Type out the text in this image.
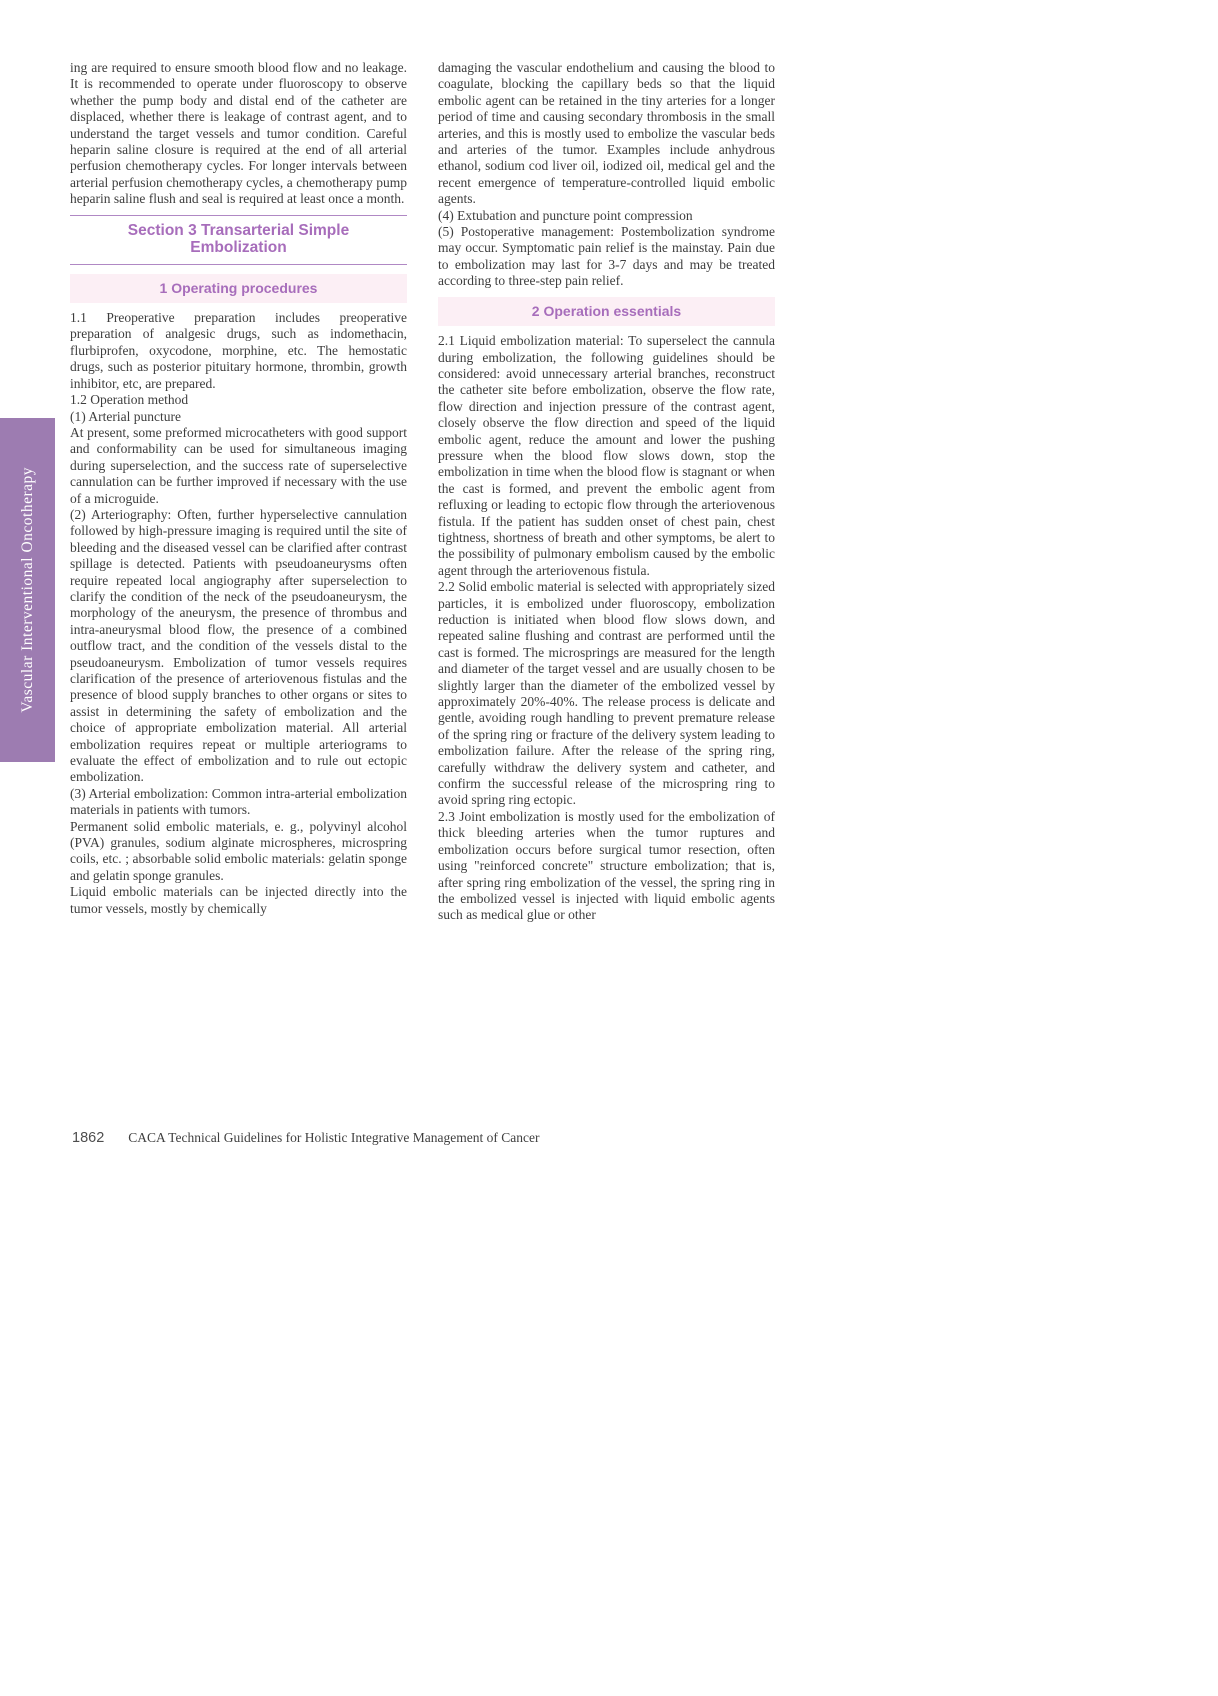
Vascular Interventional Oncotherapy

ing are required to ensure smooth blood flow and no leakage. It is recommended to operate under fluoroscopy to observe whether the pump body and distal end of the catheter are displaced, whether there is leakage of contrast agent, and to understand the target vessels and tumor condition. Careful heparin saline closure is required at the end of all arterial perfusion chemotherapy cycles. For longer intervals between arterial perfusion chemotherapy cycles, a chemotherapy pump heparin saline flush and seal is required at least once a month.

Section 3 Transarterial Simple Embolization
1 Operating procedures

1.1 Preoperative preparation includes preoperative preparation of analgesic drugs, such as indomethacin, flurbiprofen, oxycodone, morphine, etc. The hemostatic drugs, such as posterior pituitary hormone, thrombin, growth inhibitor, etc, are prepared.

1.2 Operation method

(1) Arterial puncture

At present, some preformed microcatheters with good support and conformability can be used for simultaneous imaging during superselection, and the success rate of superselective cannulation can be further improved if necessary with the use of a microguide.

(2) Arteriography: Often, further hyperselective cannulation followed by high-pressure imaging is required until the site of bleeding and the diseased vessel can be clarified after contrast spillage is detected. Patients with pseudoaneurysms often require repeated local angiography after superselection to clarify the condition of the neck of the pseudoaneurysm, the morphology of the aneurysm, the presence of thrombus and intra-aneurysmal blood flow, the presence of a combined outflow tract, and the condition of the vessels distal to the pseudoaneurysm. Embolization of tumor vessels requires clarification of the presence of arteriovenous fistulas and the presence of blood supply branches to other organs or sites to assist in determining the safety of embolization and the choice of appropriate embolization material. All arterial embolization requires repeat or multiple arteriograms to evaluate the effect of embolization and to rule out ectopic embolization.

(3) Arterial embolization: Common intra-arterial embolization materials in patients with tumors.

Permanent solid embolic materials, e. g., polyvinyl alcohol (PVA) granules, sodium alginate microspheres, microspring coils, etc. ; absorbable solid embolic materials: gelatin sponge and gelatin sponge granules.

Liquid embolic materials can be injected directly into the tumor vessels, mostly by chemically

damaging the vascular endothelium and causing the blood to coagulate, blocking the capillary beds so that the liquid embolic agent can be retained in the tiny arteries for a longer period of time and causing secondary thrombosis in the small arteries, and this is mostly used to embolize the vascular beds and arteries of the tumor. Examples include anhydrous ethanol, sodium cod liver oil, iodized oil, medical gel and the recent emergence of temperature-controlled liquid embolic agents.

(4) Extubation and puncture point compression

(5) Postoperative management: Postembolization syndrome may occur. Symptomatic pain relief is the mainstay. Pain due to embolization may last for 3-7 days and may be treated according to three-step pain relief.

2 Operation essentials

2.1 Liquid embolization material: To superselect the cannula during embolization, the following guidelines should be considered: avoid unnecessary arterial branches, reconstruct the catheter site before embolization, observe the flow rate, flow direction and injection pressure of the contrast agent, closely observe the flow direction and speed of the liquid embolic agent, reduce the amount and lower the pushing pressure when the blood flow slows down, stop the embolization in time when the blood flow is stagnant or when the cast is formed, and prevent the embolic agent from refluxing or leading to ectopic flow through the arteriovenous fistula. If the patient has sudden onset of chest pain, chest tightness, shortness of breath and other symptoms, be alert to the possibility of pulmonary embolism caused by the embolic agent through the arteriovenous fistula.

2.2 Solid embolic material is selected with appropriately sized particles, it is embolized under fluoroscopy, embolization reduction is initiated when blood flow slows down, and repeated saline flushing and contrast are performed until the cast is formed. The microsprings are measured for the length and diameter of the target vessel and are usually chosen to be slightly larger than the diameter of the embolized vessel by approximately 20%-40%. The release process is delicate and gentle, avoiding rough handling to prevent premature release of the spring ring or fracture of the delivery system leading to embolization failure. After the release of the spring ring, carefully withdraw the delivery system and catheter, and confirm the successful release of the microspring ring to avoid spring ring ectopic.

2.3 Joint embolization is mostly used for the embolization of thick bleeding arteries when the tumor ruptures and embolization occurs before surgical tumor resection, often using "reinforced concrete" structure embolization; that is, after spring ring embolization of the vessel, the spring ring in the embolized vessel is injected with liquid embolic agents such as medical glue or other

1862 CACA Technical Guidelines for Holistic Integrative Management of Cancer
